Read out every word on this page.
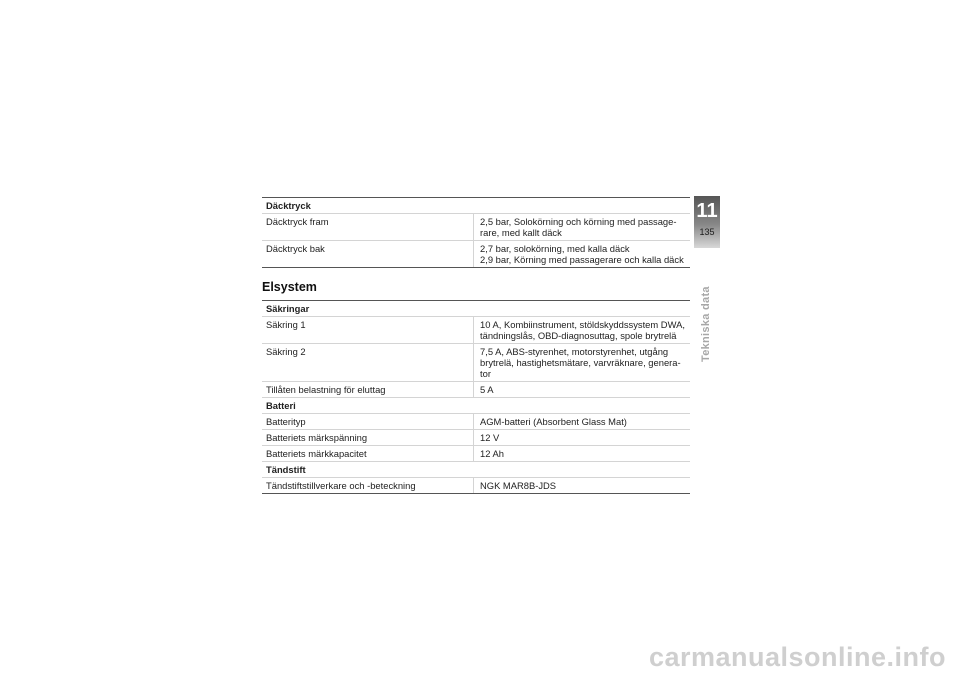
Däcktryck	
Däcktryck fram	2,5 bar, Solokörning och körning med passage-
rare, med kallt däck
Däcktryck bak	2,7 bar, solokörning, med kalla däck
2,9 bar, Körning med passagerare och kalla däck
Elsystem
Säkringar	
Säkring 1	10 A, Kombiinstrument, stöldskyddssystem DWA,
tändningslås, OBD-diagnosuttag, spole brytrelä
Säkring 2	7,5 A, ABS-styrenhet, motorstyrenhet, utgång
brytrelä, hastighetsmätare, varvräknare, genera-
tor
Tillåten belastning för eluttag	5 A
Batteri	
Batterityp	AGM-batteri (Absorbent Glass Mat)
Batteriets märkspänning	12 V
Batteriets märkkapacitet	12 Ah
Tändstift	
Tändstiftstillverkare och -beteckning	NGK MAR8B-JDS
11
135
Tekniska data
carmanualsonline.info
